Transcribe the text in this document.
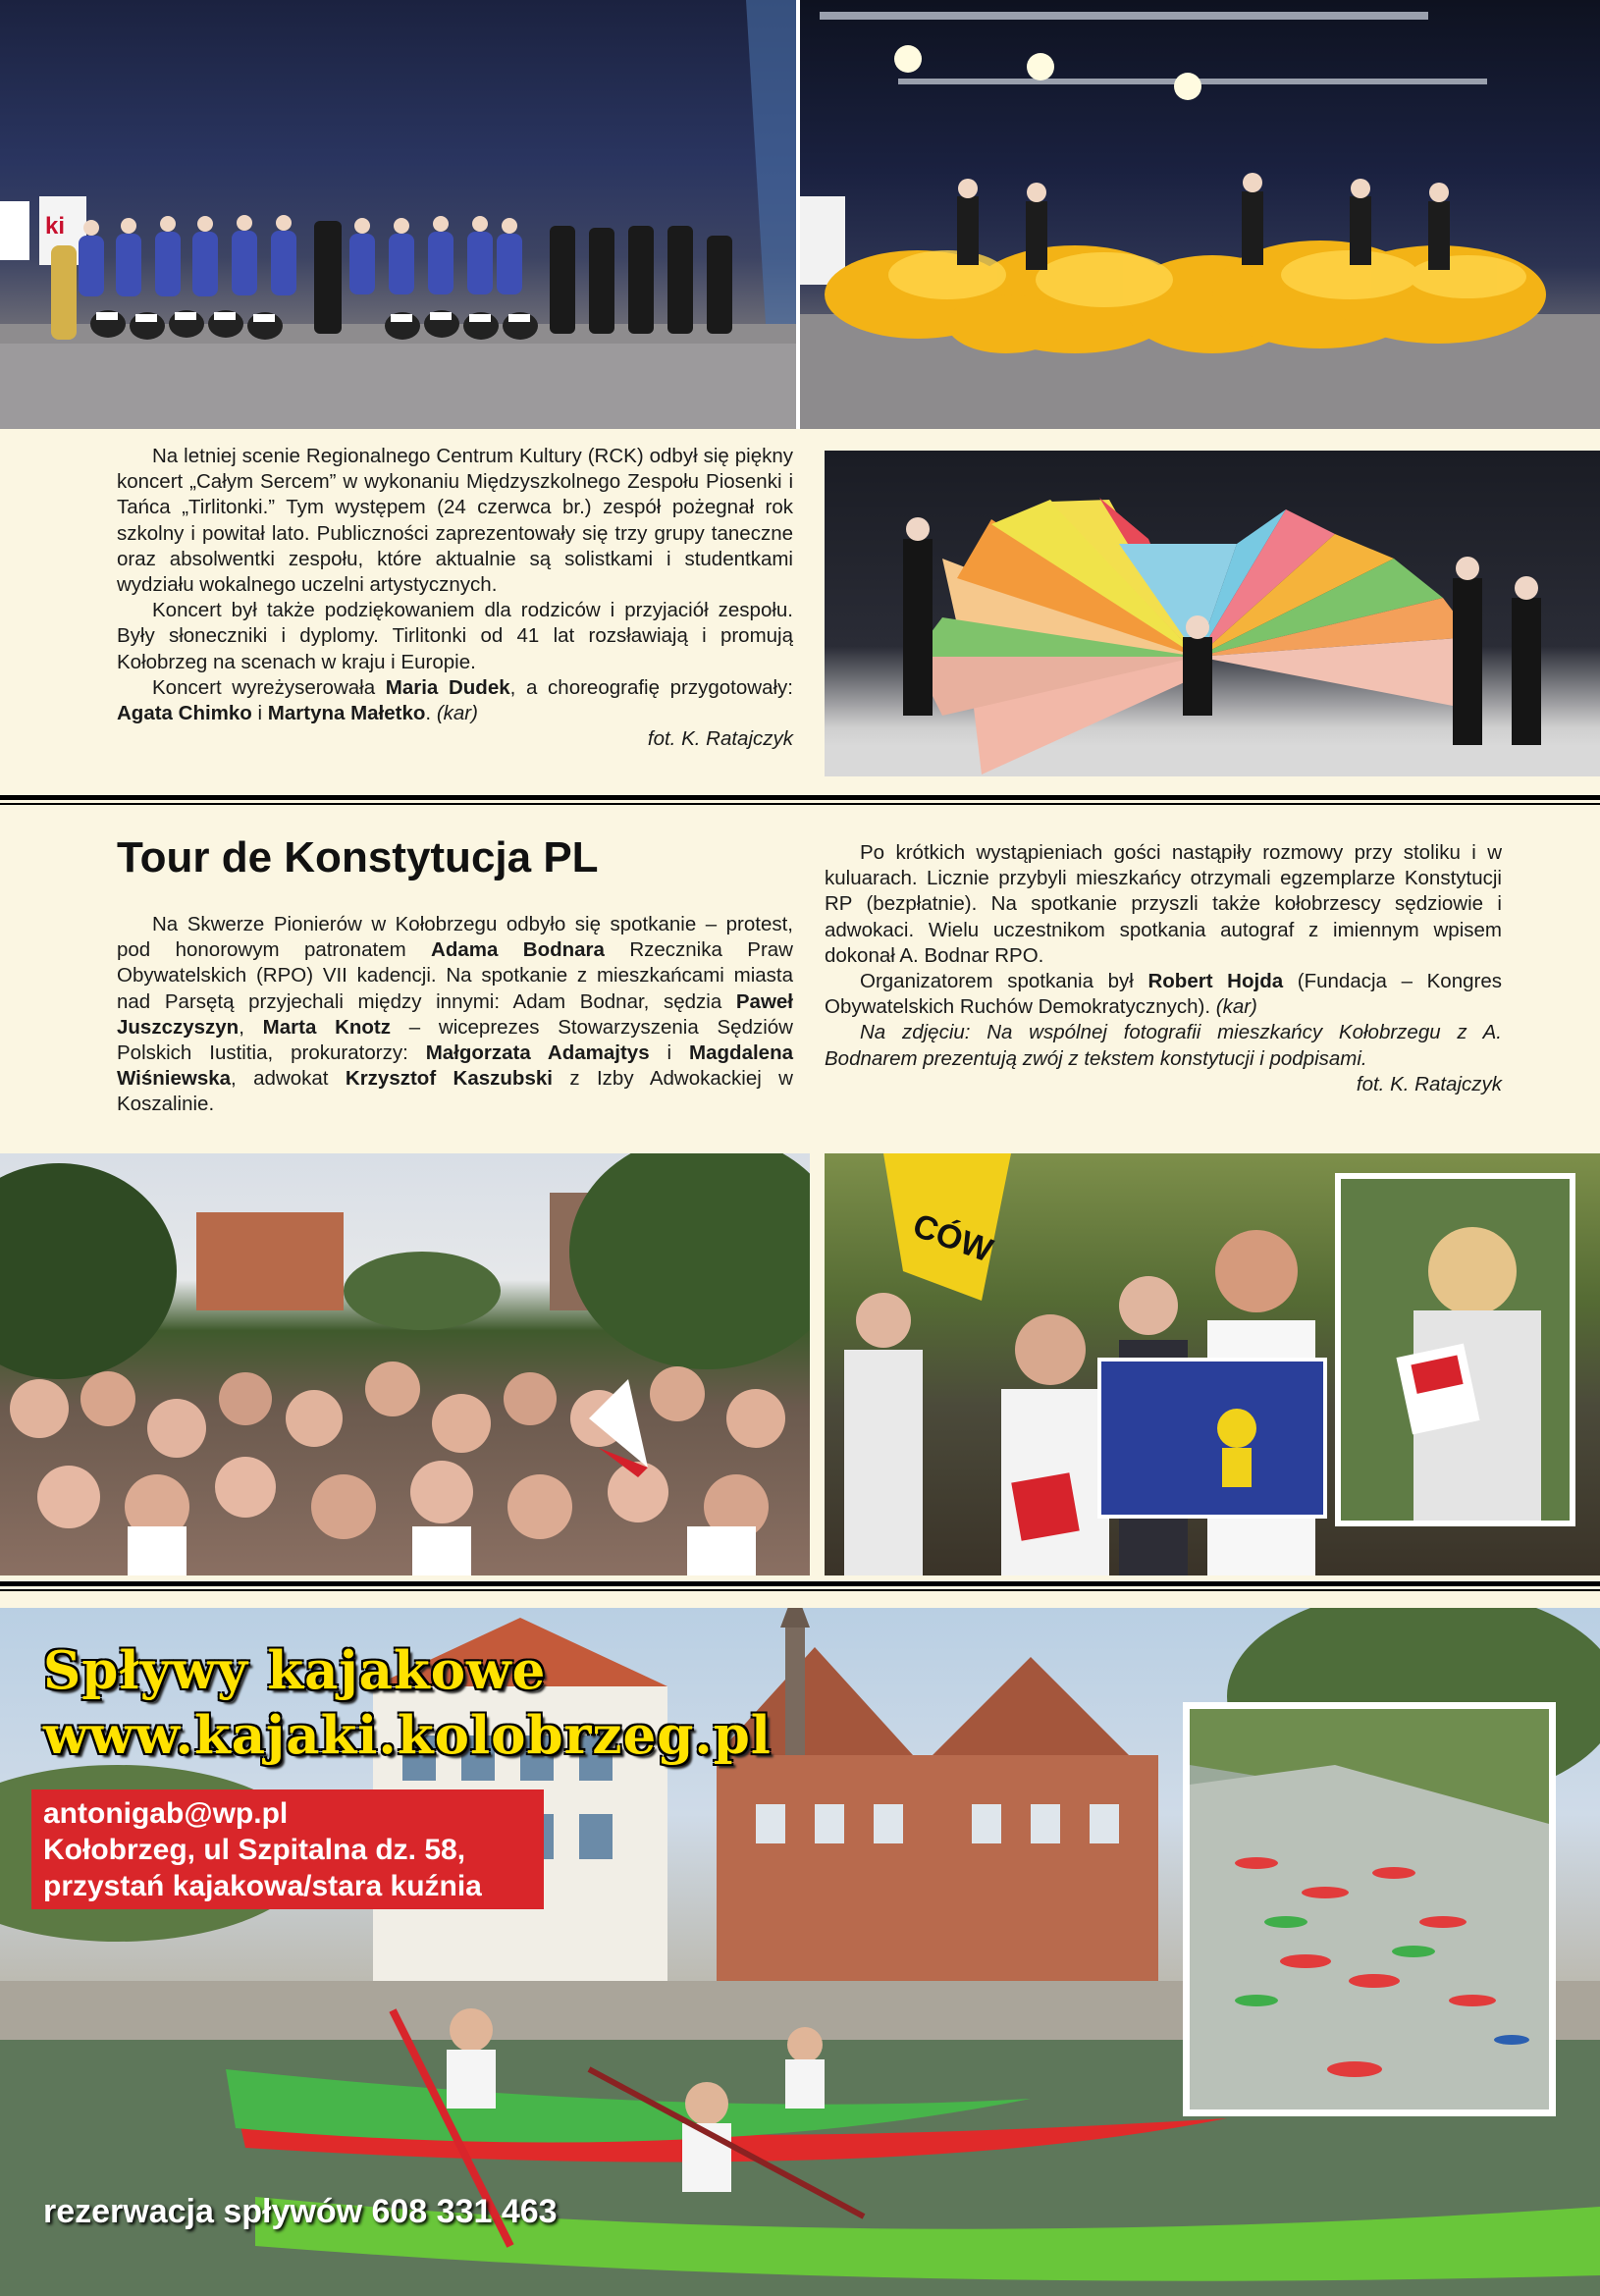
ki

Na letniej scenie Regionalnego Centrum Kultury (RCK) odbył się piękny koncert „Całym Sercem” w wykonaniu Międzyszkolnego Zespołu Piosenki i Tańca „Tirlitonki.” Tym występem (24 czerwca br.) zespół pożegnał rok szkolny i powitał lato. Publiczności zaprezentowały się trzy grupy taneczne oraz absolwentki zespołu, które aktualnie są solistkami i studentkami wydziału wokalnego uczelni artystycznych.

Koncert był także podziękowaniem dla rodziców i przyjaciół zespołu. Były słoneczniki i dyplomy. Tirlitonki od 41 lat rozsławiają i promują Kołobrzeg na scenach w kraju i Europie.

Koncert wyreżyserowała Maria Dudek, a choreografię przygotowały: Agata Chimko i Martyna Małetko. (kar)

fot. K. Ratajczyk

Tour de Konstytucja PL

Na Skwerze Pionierów w Kołobrzegu odbyło się spotkanie – protest, pod honorowym patronatem Adama Bodnara Rzecznika Praw Obywatelskich (RPO) VII kadencji. Na spotkanie z mieszkańcami miasta nad Parsętą przyjechali między innymi: Adam Bodnar, sędzia Paweł Juszczyszyn, Marta Knotz – wiceprezes Stowarzyszenia Sędziów Polskich Iustitia, prokuratorzy: Małgorzata Adamajtys i Magdalena Wiśniewska, adwokat Krzysztof Kaszubski z Izby Adwokackiej w Koszalinie.

Po krótkich wystąpieniach gości nastąpiły rozmowy przy stoliku i w kuluarach. Licznie przybyli mieszkańcy otrzymali egzemplarze Konstytucji RP (bezpłatnie). Na spotkanie przyszli także kołobrzescy sędziowie i adwokaci. Wielu uczestnikom spotkania autograf z imiennym wpisem dokonał A. Bodnar RPO.

Organizatorem spotkania był Robert Hojda (Fundacja – Kongres Obywatelskich Ruchów Demokratycznych). (kar)

Na zdjęciu: Na wspólnej fotografii mieszkańcy Kołobrzegu z A. Bodnarem prezentują zwój z tekstem konstytucji i podpisami.

fot. K. Ratajczyk

CÓW
Spływy kajakowe
www.kajaki.kolobrzeg.pl
antonigab@wp.pl
Kołobrzeg, ul Szpitalna dz. 58,
przystań kajakowa/stara kuźnia
rezerwacja spływów 608 331 463
